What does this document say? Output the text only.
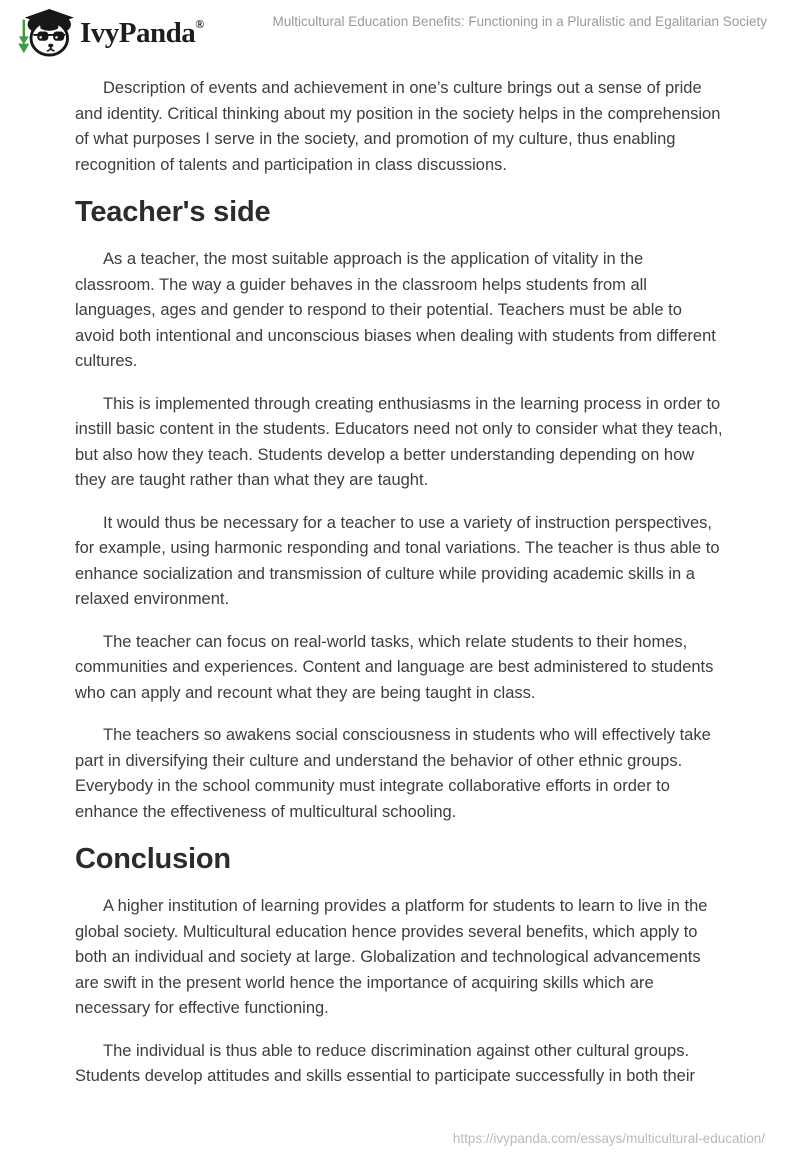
IvyPanda®	Multicultural Education Benefits: Functioning in a Pluralistic and Egalitarian Society

Description of events and achievement in one’s culture brings out a sense of pride and identity. Critical thinking about my position in the society helps in the comprehension of what purposes I serve in the society, and promotion of my culture, thus enabling recognition of talents and participation in class discussions.

Teacher's side

As a teacher, the most suitable approach is the application of vitality in the classroom. The way a guider behaves in the classroom helps students from all languages, ages and gender to respond to their potential. Teachers must be able to avoid both intentional and unconscious biases when dealing with students from different cultures.

This is implemented through creating enthusiasms in the learning process in order to instill basic content in the students. Educators need not only to consider what they teach, but also how they teach. Students develop a better understanding depending on how they are taught rather than what they are taught.

It would thus be necessary for a teacher to use a variety of instruction perspectives, for example, using harmonic responding and tonal variations. The teacher is thus able to enhance socialization and transmission of culture while providing academic skills in a relaxed environment.

The teacher can focus on real-world tasks, which relate students to their homes, communities and experiences. Content and language are best administered to students who can apply and recount what they are being taught in class.

The teachers so awakens social consciousness in students who will effectively take part in diversifying their culture and understand the behavior of other ethnic groups. Everybody in the school community must integrate collaborative efforts in order to enhance the effectiveness of multicultural schooling.

Conclusion

A higher institution of learning provides a platform for students to learn to live in the global society. Multicultural education hence provides several benefits, which apply to both an individual and society at large. Globalization and technological advancements are swift in the present world hence the importance of acquiring skills which are necessary for effective functioning.

The individual is thus able to reduce discrimination against other cultural groups. Students develop attitudes and skills essential to participate successfully in both their

https://ivypanda.com/essays/multicultural-education/
